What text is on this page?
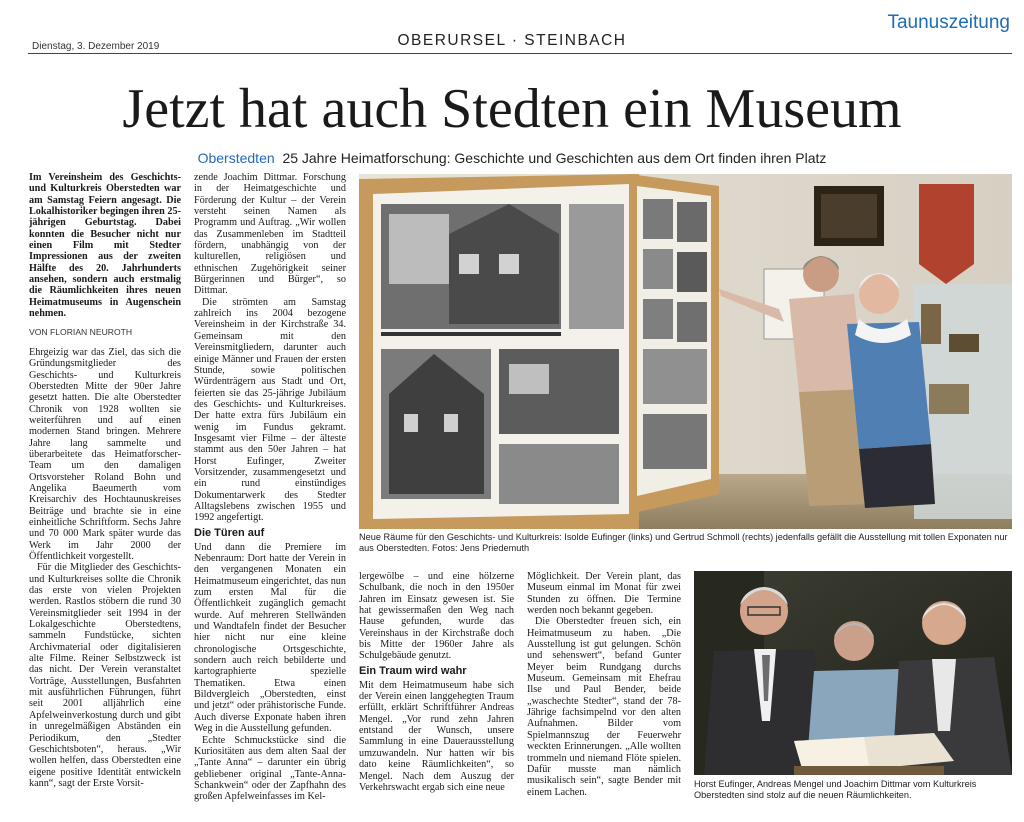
Taunuszeitung
OBERURSEL · STEINBACH
Dienstag, 3. Dezember 2019
Jetzt hat auch Stedten ein Museum
Oberstedten 25 Jahre Heimatforschung: Geschichte und Geschichten aus dem Ort finden ihren Platz
Im Vereinsheim des Geschichts- und Kulturkreis Oberstedten war am Samstag Feiern angesagt. Die Lokalhistoriker begingen ihren 25-jährigen Geburtstag. Dabei konnten die Besucher nicht nur einen Film mit Stedter Impressionen aus der zweiten Hälfte des 20. Jahrhunderts ansehen, sondern auch erstmalig die Räumlichkeiten ihres neuen Heimatmuseums in Augenschein nehmen.
VON FLORIAN NEUROTH

Ehrgeizig war das Ziel, das sich die Gründungsmitglieder des Geschichts- und Kulturkreis Oberstedten Mitte der 90er Jahre gesetzt hatten. Die alte Oberstedter Chronik von 1928 wollten sie weiterführen und auf einen modernen Stand bringen. Mehrere Jahre lang sammelte und überarbeitete das Heimatforscher-Team um den damaligen Ortsvorsteher Roland Bohn und Angelika Baeumerth vom Kreisarchiv des Hochtaunuskreises Beiträge und brachte sie in eine einheitliche Schriftform. Sechs Jahre und 70 000 Mark später wurde das Werk im Jahr 2000 der Öffentlichkeit vorgestellt.

Für die Mitglieder des Geschichts- und Kulturkreises sollte die Chronik das erste von vielen Projekten werden. Rastlos stöbern die rund 30 Vereinsmitglieder seit 1994 in der Lokalgeschichte Oberstedtens, sammeln Fundstücke, sichten Archivmaterial oder digitalisieren alte Filme. Reiner Selbstzweck ist das nicht. Der Verein veranstaltet Vorträge, Ausstellungen, Busfahrten mit ausführlichen Führungen, führt seit 2001 alljährlich eine Apfelweinverkostung durch und gibt in unregelmäßigen Abständen ein Periodikum, den „Stedter Geschichtsboten“, heraus. „Wir wollen helfen, dass Oberstedten eine eigene positive Identität entwickeln kann“, sagt der Erste Vorsit-

zende Joachim Dittmar. Forschung in der Heimatgeschichte und Förderung der Kultur – der Verein versteht seinen Namen als Programm und Auftrag. „Wir wollen das Zusammenleben im Stadtteil fördern, unabhängig von der kulturellen, religiösen und ethnischen Zugehörigkeit seiner Bürgerinnen und Bürger“, so Dittmar.

Die strömten am Samstag zahlreich ins 2004 bezogene Vereinsheim in der Kirchstraße 34. Gemeinsam mit den Vereinsmitgliedern, darunter auch einige Männer und Frauen der ersten Stunde, sowie politischen Würdenträgern aus Stadt und Ort, feierten sie das 25-jährige Jubiläum des Geschichts- und Kulturkreises. Der hatte extra fürs Jubiläum ein wenig im Fundus gekramt. Insgesamt vier Filme – der älteste stammt aus den 50er Jahren – hat Horst Eufinger, Zweiter Vorsitzender, zusammengesetzt und ein rund einstündiges Dokumentarwerk des Stedter Alltagslebens zwischen 1955 und 1992 angefertigt.

Die Türen auf

Und dann die Premiere im Nebenraum: Dort hatte der Verein in den vergangenen Monaten ein Heimatmuseum eingerichtet, das nun zum ersten Mal für die Öffentlichkeit zugänglich gemacht wurde. Auf mehreren Stellwänden und Wandtafeln findet der Besucher hier nicht nur eine kleine chronologische Ortsgeschichte, sondern auch reich bebilderte und kartographierte spezielle Thematiken. Etwa einen Bildvergleich „Oberstedten, einst und jetzt“ oder prähistorische Funde. Auch diverse Exponate haben ihren Weg in die Ausstellung gefunden.

Echte Schmuckstücke sind die Kuriositäten aus dem alten Saal der „Tante Anna“ – darunter ein übrig gebliebener original „Tante-Anna-Schankwein“ oder der Zapfhahn des großen Apfelweinfasses im Kel-

Neue Räume für den Geschichts- und Kulturkreis: Isolde Eufinger (links) und Gertrud Schmoll (rechts) jedenfalls gefällt die Ausstellung mit tollen Exponaten nur aus Oberstedten. Fotos: Jens Priedemuth

lergewölbe – und eine hölzerne Schulbank, die noch in den 1950er Jahren im Einsatz gewesen ist. Sie hat gewissermaßen den Weg nach Hause gefunden, wurde das Vereinshaus in der Kirchstraße doch bis Mitte der 1960er Jahre als Schulgebäude genutzt.

Ein Traum wird wahr

Mit dem Heimatmuseum habe sich der Verein einen langgehegten Traum erfüllt, erklärt Schriftführer Andreas Mengel. „Vor rund zehn Jahren entstand der Wunsch, unsere Sammlung in eine Dauerausstellung umzuwandeln. Nur hatten wir bis dato keine Räumlichkeiten“, so Mengel. Nach dem Auszug der Verkehrswacht ergab sich eine neue

Möglichkeit. Der Verein plant, das Museum einmal im Monat für zwei Stunden zu öffnen. Die Termine werden noch bekannt gegeben.

Die Oberstedter freuen sich, ein Heimatmuseum zu haben. „Die Ausstellung ist gut gelungen. Schön und sehenswert“, befand Gunter Meyer beim Rundgang durchs Museum. Gemeinsam mit Ehefrau Ilse und Paul Bender, beide „waschechte Stedter“, stand der 78-Jährige fachsimpelnd vor den alten Aufnahmen. Bilder vom Spielmannszug der Feuerwehr weckten Erinnerungen. „Alle wollten trommeln und niemand Flöte spielen. Dafür musste man nämlich musikalisch sein“, sagte Bender mit einem Lachen.

Horst Eufinger, Andreas Mengel und Joachim Dittmar vom Kulturkreis Oberstedten sind stolz auf die neuen Räumlichkeiten.
